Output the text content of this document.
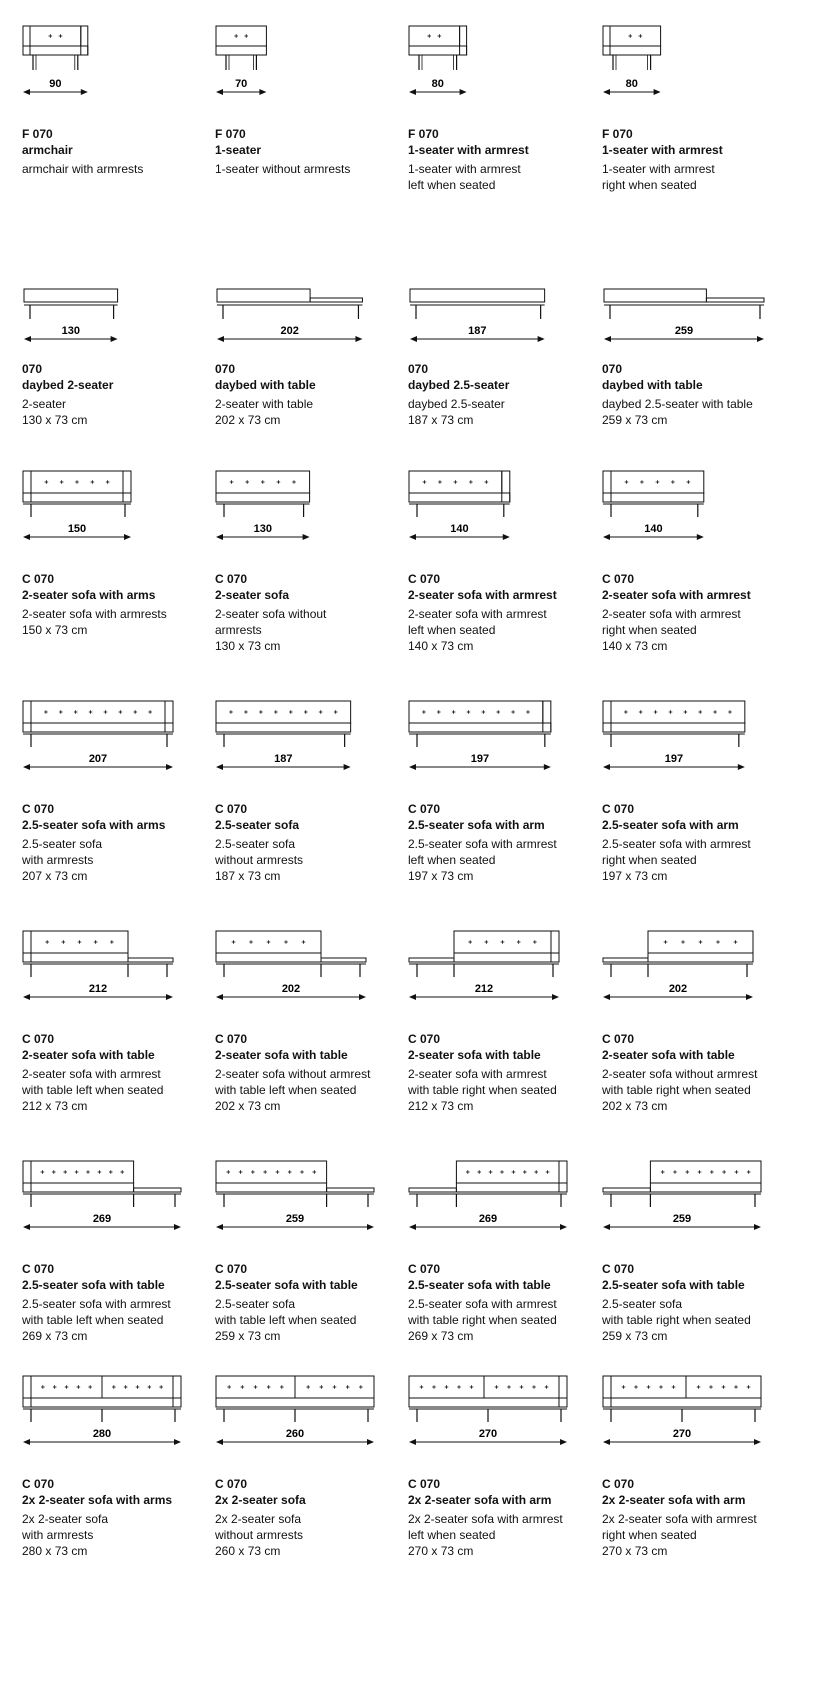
90
F 070
armchair
armchair with armrests
70
F 070
1-seater
1-seater without armrests
80
F 070
1-seater with armrest
1-seater with armrest
left when seated
80
F 070
1-seater with armrest
1-seater with armrest
right when seated
130
070
daybed 2-seater
2-seater
130 x 73 cm
202
070
daybed with table
2-seater with table
202 x 73 cm
187
070
daybed 2.5-seater
daybed 2.5-seater
187 x 73 cm
259
070
daybed with table
daybed 2.5-seater with table
259 x 73 cm
150
C 070
2-seater sofa with arms
2-seater sofa with armrests
150 x 73 cm
130
C 070
2-seater sofa
2-seater sofa without
armrests
130 x 73 cm
140
C 070
2-seater sofa with armrest
2-seater sofa with armrest
left when seated
140 x 73 cm
140
C 070
2-seater sofa with armrest
2-seater sofa with armrest
right when seated
140 x 73 cm
207
C 070
2.5-seater sofa with arms
2.5-seater sofa
with armrests
207 x 73 cm
187
C 070
2.5-seater sofa
2.5-seater sofa
without armrests
187 x 73 cm
197
C 070
2.5-seater sofa with arm
2.5-seater sofa with armrest
left when seated
197 x 73 cm
197
C 070
2.5-seater sofa with arm
2.5-seater sofa with armrest
right when seated
197 x 73 cm
212
C 070
2-seater sofa with table
2-seater sofa with armrest
with table left when seated
212 x 73 cm
202
C 070
2-seater sofa with table
2-seater sofa without armrest
with table left when seated
202 x 73 cm
212
C 070
2-seater sofa with table
2-seater sofa with armrest
with table right when seated
212 x 73 cm
202
C 070
2-seater sofa with table
2-seater sofa without armrest
with table right when seated
202 x 73 cm
269
C 070
2.5-seater sofa with table
2.5-seater sofa with armrest
with table left when seated
269 x 73 cm
259
C 070
2.5-seater sofa with table
2.5-seater sofa
with table left when seated
259 x 73 cm
269
C 070
2.5-seater sofa with table
2.5-seater sofa with armrest
with table right when seated
269 x 73 cm
259
C 070
2.5-seater sofa with table
2.5-seater sofa
with table right when seated
259 x 73 cm
280
C 070
2x 2-seater sofa with arms
2x 2-seater sofa
with armrests
280 x 73 cm
260
C 070
2x 2-seater sofa
2x 2-seater sofa
without armrests
260 x 73 cm
270
C 070
2x 2-seater sofa with arm
2x 2-seater sofa with armrest
left when seated
270 x 73 cm
270
C 070
2x 2-seater sofa with arm
2x 2-seater sofa with armrest
right when seated
270 x 73 cm
